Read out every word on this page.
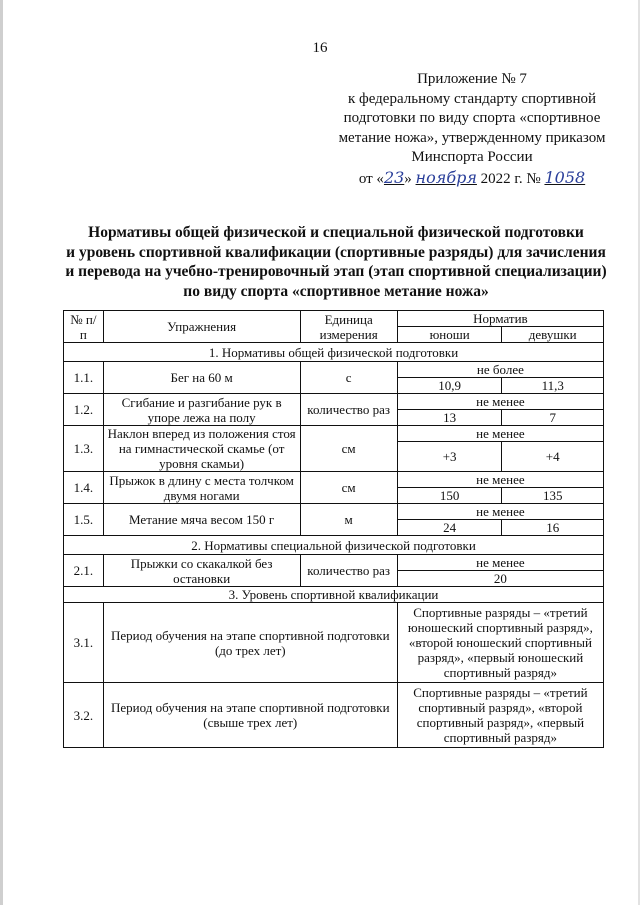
16
Приложение № 7
к федеральному стандарту спортивной
подготовки по виду спорта «спортивное
метание ножа», утвержденному приказом
Минспорта России
от «23» ноября 2022 г. № 1058
Нормативы общей физической и специальной физической подготовки
и уровень спортивной квалификации (спортивные разряды) для зачисления
и перевода на учебно-тренировочный этап (этап спортивной специализации)
по виду спорта «спортивное метание ножа»
№ п/п	Упражнения	Единица измерения	Норматив	
			юноши	девушки
1. Нормативы общей физической подготовки				
1.1.	Бег на 60 м	с	не более	
			10,9	11,3
1.2.	Сгибание и разгибание рук в упоре лежа на полу	количество раз	не менее	
			13	7
1.3.	Наклон вперед из положения стоя на гимнастической скамье (от уровня скамьи)	см	не менее	
			+3	+4
1.4.	Прыжок в длину с места толчком двумя ногами	см	не менее	
			150	135
1.5.	Метание мяча весом 150 г	м	не менее	
			24	16
2. Нормативы специальной физической подготовки				
2.1.	Прыжки со скакалкой без остановки	количество раз	не менее	
			20	
3. Уровень спортивной квалификации				
3.1.	Период обучения на этапе спортивной подготовки (до трех лет)		Спортивные разряды – «третий юношеский спортивный разряд», «второй юношеский спортивный разряд», «первый юношеский спортивный разряд»	
3.2.	Период обучения на этапе спортивной подготовки (свыше трех лет)		Спортивные разряды – «третий спортивный разряд», «второй спортивный разряд», «первый спортивный разряд»	
